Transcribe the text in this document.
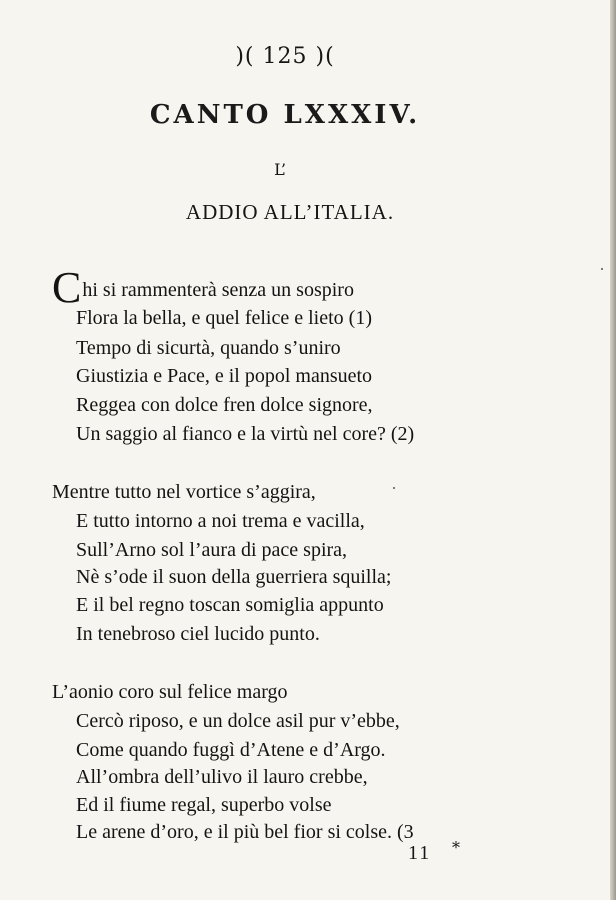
)( 125 )(
CANTO LXXXIV.
L’
ADDIO ALL’ITALIA.
Chi si rammenterà senza un sospiro
Flora la bella, e quel felice e lieto (1)
Tempo di sicurtà, quando s’uniro
Giustizia e Pace, e il popol mansueto
Reggea con dolce fren dolce signore,
Un saggio al fianco e la virtù nel core? (2)
Mentre tutto nel vortice s’aggira,
E tutto intorno a noi trema e vacilla,
Sull’Arno sol l’aura di pace spira,
Nè s’ode il suon della guerriera squilla;
E il bel regno toscan somiglia appunto
In tenebroso ciel lucido punto.
L’aonio coro sul felice margo
Cercò riposo, e un dolce asil pur v’ebbe,
Come quando fuggì d’Atene e d’Argo.
All’ombra dell’ulivo il lauro crebbe,
Ed il fiume regal, superbo volse
Le arene d’oro, e il più bel fior si colse. (3
11 *
